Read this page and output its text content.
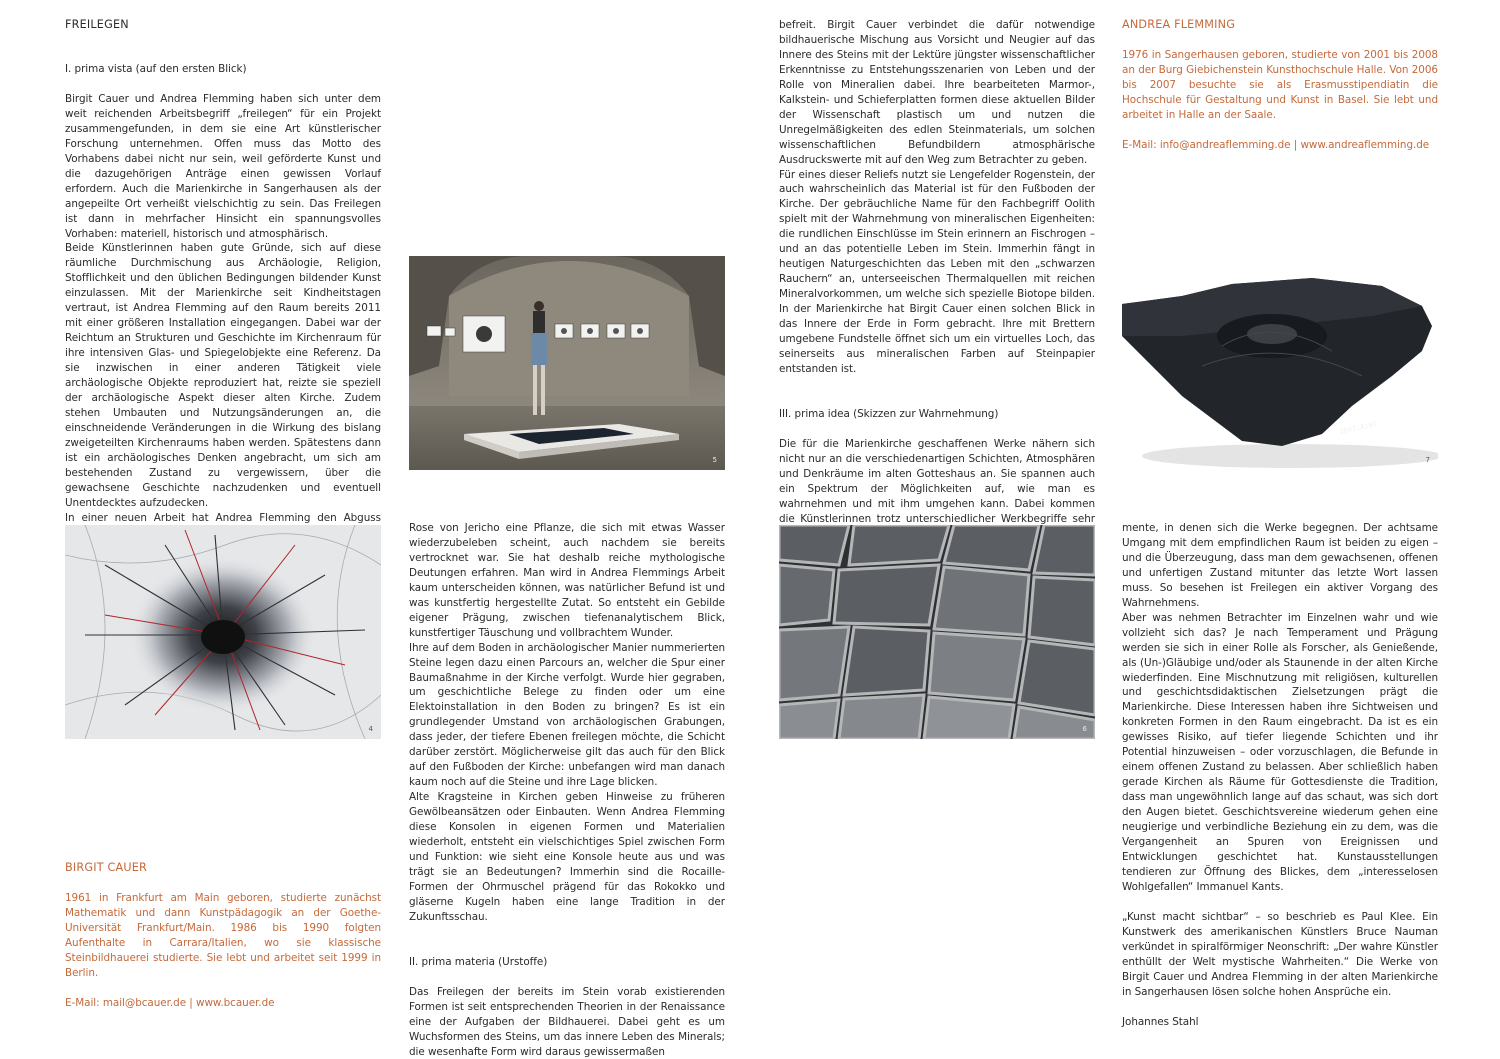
FREILEGEN

I. prima vista (auf den ersten Blick)

Birgit Cauer und Andrea Flemming haben sich unter dem weit reichenden Arbeitsbegriff „freilegen“ für ein Projekt zusammengefunden, in dem sie eine Art künstlerischer Forschung unternehmen. Offen muss das Motto des Vorhabens dabei nicht nur sein, weil geförderte Kunst und die dazugehörigen Anträge einen gewissen Vorlauf erfordern. Auch die Marienkirche in Sangerhausen als der angepeilte Ort verheißt vielschichtig zu sein. Das Freilegen ist dann in mehrfacher Hinsicht ein spannungsvolles Vorhaben: materiell, historisch und atmosphärisch.

Beide Künstlerinnen haben gute Gründe, sich auf diese räumliche Durchmischung aus Archäologie, Religion, Stofflichkeit und den üblichen Bedingungen bildender Kunst einzulassen. Mit der Marienkirche seit Kindheitstagen vertraut, ist Andrea Flemming auf den Raum bereits 2011 mit einer größeren Installation eingegangen. Dabei war der Reichtum an Strukturen und Geschichte im Kirchenraum für ihre intensiven Glas- und Spiegelobjekte eine Referenz. Da sie inzwischen in einer anderen Tätigkeit viele archäologische Objekte reproduziert hat, reizte sie speziell der archäologische Aspekt dieser alten Kirche. Zudem stehen Umbauten und Nutzungsänderungen an, die einschneidende Veränderungen in die Wirkung des bislang zweigeteilten Kirchenraums haben werden. Spätestens dann ist ein archäologisches Denken angebracht, um sich am bestehenden Zustand zu vergewissern, über die gewachsene Geschichte nachzudenken und eventuell Unentdecktes aufzudecken.

In einer neuen Arbeit hat Andrea Flemming den Abguss

5
4

Rose von Jericho eine Pflanze, die sich mit etwas Wasser wiederzubeleben scheint, auch nachdem sie bereits vertrocknet war. Sie hat deshalb reiche mythologische Deutungen erfahren. Man wird in Andrea Flemmings Arbeit kaum unterscheiden können, was natürlicher Befund ist und was kunstfertig hergestellte Zutat. So entsteht ein Gebilde eigener Prägung, zwischen tiefenanalytischem Blick, kunstfertiger Täuschung und vollbrachtem Wunder.

Ihre auf dem Boden in archäologischer Manier nummerierten Steine legen dazu einen Parcours an, welcher die Spur einer Baumaßnahme in der Kirche verfolgt. Wurde hier gegraben, um geschichtliche Belege zu finden oder um eine Elektoinstallation in den Boden zu bringen? Es ist ein grundlegender Umstand von archäologischen Grabungen, dass jeder, der tiefere Ebenen freilegen möchte, die Schicht darüber zerstört. Möglicherweise gilt das auch für den Blick auf den Fußboden der Kirche: unbefangen wird man danach kaum noch auf die Steine und ihre Lage blicken.

Alte Kragsteine in Kirchen geben Hinweise zu früheren Gewölbeansätzen oder Einbauten. Wenn Andrea Flemming diese Konsolen in eigenen Formen und Materialien wiederholt, entsteht ein vielschichtiges Spiel zwischen Form und Funktion: wie sieht eine Konsole heute aus und was trägt sie an Bedeutungen? Immerhin sind die Rocaille-Formen der Ohrmuschel prägend für das Rokokko und gläserne Kugeln haben eine lange Tradition in der Zukunftsschau.

II. prima materia (Urstoffe)

Das Freilegen der bereits im Stein vorab existierenden Formen ist seit entsprechenden Theorien in der Renaissance eine der Aufgaben der Bildhauerei. Dabei geht es um Wuchsformen des Steins, um das innere Leben des Minerals; die wesenhafte Form wird daraus gewissermaßen

BIRGIT CAUER

1961 in Frankfurt am Main geboren, studierte zunächst Mathematik und dann Kunstpädagogik an der Goethe-Universität Frankfurt/Main. 1986 bis 1990 folgten Aufenthalte in Carrara/Italien, wo sie klassische Steinbildhauerei studierte. Sie lebt und arbeitet seit 1999 in Berlin.

E-Mail: mail@bcauer.de | www.bcauer.de

befreit. Birgit Cauer verbindet die dafür notwendige bildhauerische Mischung aus Vorsicht und Neugier auf das Innere des Steins mit der Lektüre jüngster wissenschaftlicher Erkenntnisse zu Entstehungsszenarien von Leben und der Rolle von Mineralien dabei. Ihre bearbeiteten Marmor-, Kalkstein- und Schieferplatten formen diese aktuellen Bilder der Wissenschaft plastisch um und nutzen die Unregelmäßigkeiten des edlen Steinmaterials, um solchen wissenschaftlichen Befundbildern atmosphärische Ausdruckswerte mit auf den Weg zum Betrachter zu geben.

Für eines dieser Reliefs nutzt sie Lengefelder Rogenstein, der auch wahrscheinlich das Material ist für den Fußboden der Kirche. Der gebräuchliche Name für den Fachbegriff Oolith spielt mit der Wahrnehmung von mineralischen Eigenheiten: die rundlichen Einschlüsse im Stein erinnern an Fischrogen – und an das potentielle Leben im Stein. Immerhin fängt in heutigen Naturgeschichten das Leben mit den „schwarzen Rauchern“ an, unterseeischen Thermalquellen mit reichen Mineralvorkommen, um welche sich spezielle Biotope bilden. In der Marienkirche hat Birgit Cauer einen solchen Blick in das Innere der Erde in Form gebracht. Ihre mit Brettern umgebene Fundstelle öffnet sich um ein virtuelles Loch, das seinerseits aus mineralischen Farben auf Steinpapier entstanden ist.

III. prima idea (Skizzen zur Wahrnehmung)

Die für die Marienkirche geschaffenen Werke nähern sich nicht nur an die verschiedenartigen Schichten, Atmosphären und Denkräume im alten Gotteshaus an. Sie spannen auch ein Spektrum der Möglichkeiten auf, wie man es wahrnehmen und mit ihm umgehen kann. Dabei kommen die Künstlerinnen trotz unterschiedlicher Werkbegriffe sehr

ANDREA FLEMMING

1976 in Sangerhausen geboren, studierte von 2001 bis 2008 an der Burg Giebichenstein Kunsthochschule Halle. Von 2006 bis 2007 besuchte sie als Erasmusstipendiatin die Hochschule für Gestaltung und Kunst in Basel. Sie lebt und arbeitet in Halle an der Saale.

E-Mail: info@andreaflemming.de | www.andreaflemming.de

2047:A197
7
6

mente, in denen sich die Werke begegnen. Der achtsame Umgang mit dem empfindlichen Raum ist beiden zu eigen – und die Überzeugung, dass man dem gewachsenen, offenen und unfertigen Zustand mitunter das letzte Wort lassen muss. So besehen ist Freilegen ein aktiver Vorgang des Wahrnehmens.

Aber was nehmen Betrachter im Einzelnen wahr und wie vollzieht sich das? Je nach Temperament und Prägung werden sie sich in einer Rolle als Forscher, als Genießende, als (Un-)Gläubige und/oder als Staunende in der alten Kirche wiederfinden. Eine Mischnutzung mit religiösen, kulturellen und geschichtsdidaktischen Zielsetzungen prägt die Marienkirche. Diese Interessen haben ihre Sichtweisen und konkreten Formen in den Raum eingebracht. Da ist es ein gewisses Risiko, auf tiefer liegende Schichten und ihr Potential hinzuweisen – oder vorzuschlagen, die Befunde in einem offenen Zustand zu belassen. Aber schließlich haben gerade Kirchen als Räume für Gottesdienste die Tradition, dass man ungewöhnlich lange auf das schaut, was sich dort den Augen bietet. Geschichtsvereine wiederum gehen eine neugierige und verbindliche Beziehung ein zu dem, was die Vergangenheit an Spuren von Ereignissen und Entwicklungen geschichtet hat. Kunstausstellungen tendieren zur Öffnung des Blickes, dem „interesselosen Wohlgefallen“ Immanuel Kants.

„Kunst macht sichtbar“ – so beschrieb es Paul Klee. Ein Kunstwerk des amerikanischen Künstlers Bruce Nauman verkündet in spiralförmiger Neonschrift: „Der wahre Künstler enthüllt der Welt mystische Wahrheiten.“ Die Werke von Birgit Cauer und Andrea Flemming in der alten Marienkirche in Sangerhausen lösen solche hohen Ansprüche ein.

Johannes Stahl
